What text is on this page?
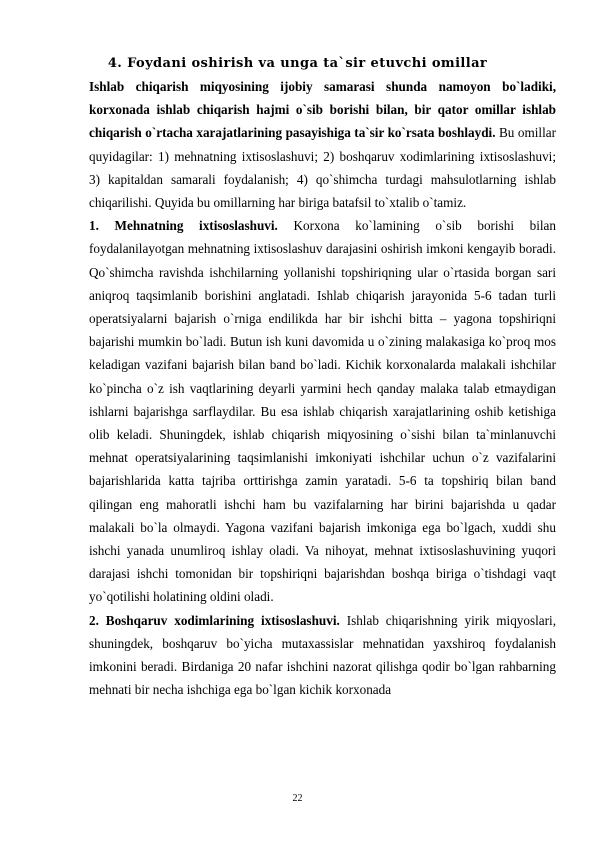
4. Foydani oshirish va unga ta`sir etuvchi omillar

Ishlab chiqarish miqyosining ijobiy samarasi shunda namoyon bo`ladiki, korxonada ishlab chiqarish hajmi o`sib borishi bilan, bir qator omillar ishlab chiqarish o`rtacha xarajatlarining pasayishiga ta`sir ko`rsata boshlaydi. Bu omillar quyidagilar: 1) mehnatning ixtisoslashuvi; 2) boshqaruv xodimlarining ixtisoslashuvi; 3) kapitaldan samarali foydalanish; 4) qo`shimcha turdagi mahsulotlarning ishlab chiqarilishi. Quyida bu omillarning har biriga batafsil to`xtalib o`tamiz.

1. Mehnatning ixtisoslashuvi. Korxona ko`lamining o`sib borishi bilan foydalanilayotgan mehnatning ixtisoslashuv darajasini oshirish imkoni kengayib boradi. Qo`shimcha ravishda ishchilarning yollanishi topshiriqning ular o`rtasida borgan sari aniqroq taqsimlanib borishini anglatadi. Ishlab chiqarish jarayonida 5-6 tadan turli operatsiyalarni bajarish o`rniga endilikda har bir ishchi bitta – yagona topshiriqni bajarishi mumkin bo`ladi. Butun ish kuni davomida u o`zining malakasiga ko`proq mos keladigan vazifani bajarish bilan band bo`ladi. Kichik korxonalarda malakali ishchilar ko`pincha o`z ish vaqtlarining deyarli yarmini hech qanday malaka talab etmaydigan ishlarni bajarishga sarflaydilar. Bu esa ishlab chiqarish xarajatlarining oshib ketishiga olib keladi. Shuningdek, ishlab chiqarish miqyosining o`sishi bilan ta`minlanuvchi mehnat operatsiyalarining taqsimlanishi imkoniyati ishchilar uchun o`z vazifalarini bajarishlarida katta tajriba orttirishga zamin yaratadi. 5-6 ta topshiriq bilan band qilingan eng mahoratli ishchi ham bu vazifalarning har birini bajarishda u qadar malakali bo`la olmaydi. Yagona vazifani bajarish imkoniga ega bo`lgach, xuddi shu ishchi yanada unumliroq ishlay oladi. Va nihoyat, mehnat ixtisoslashuvining yuqori darajasi ishchi tomonidan bir topshiriqni bajarishdan boshqa biriga o`tishdagi vaqt yo`qotilishi holatining oldini oladi.

2. Boshqaruv xodimlarining ixtisoslashuvi. Ishlab chiqarishning yirik miqyoslari, shuningdek, boshqaruv bo`yicha mutaxassislar mehnatidan yaxshiroq foydalanish imkonini beradi. Birdaniga 20 nafar ishchini nazorat qilishga qodir bo`lgan rahbarning mehnati bir necha ishchiga ega bo`lgan kichik korxonada

22
